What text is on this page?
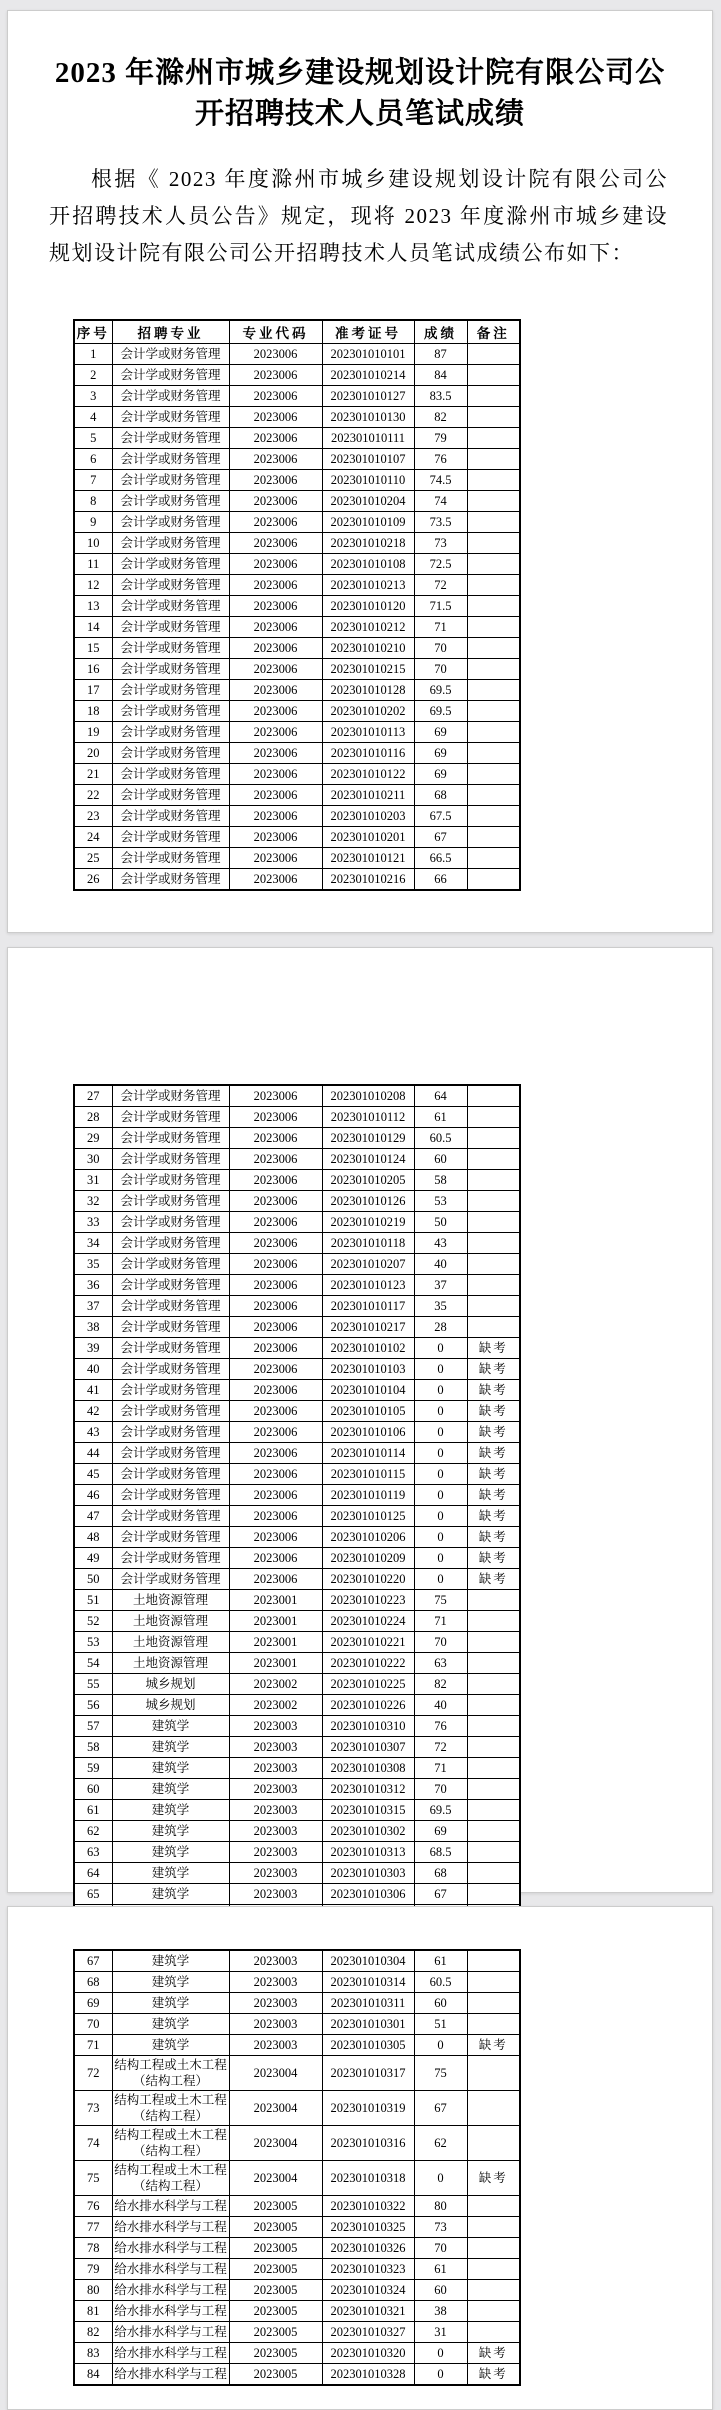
2023 年滁州市城乡建设规划设计院有限公司公开招聘技术人员笔试成绩
根据《 2023 年度滁州市城乡建设规划设计院有限公司公开招聘技术人员公告》规定，现将 2023 年度滁州市城乡建设规划设计院有限公司公开招聘技术人员笔试成绩公布如下：
序号	招聘专业	专业代码	准考证号	成绩	备注
1	会计学或财务管理	2023006	202301010101	87	
2	会计学或财务管理	2023006	202301010214	84	
3	会计学或财务管理	2023006	202301010127	83.5	
4	会计学或财务管理	2023006	202301010130	82	
5	会计学或财务管理	2023006	202301010111	79	
6	会计学或财务管理	2023006	202301010107	76	
7	会计学或财务管理	2023006	202301010110	74.5	
8	会计学或财务管理	2023006	202301010204	74	
9	会计学或财务管理	2023006	202301010109	73.5	
10	会计学或财务管理	2023006	202301010218	73	
11	会计学或财务管理	2023006	202301010108	72.5	
12	会计学或财务管理	2023006	202301010213	72	
13	会计学或财务管理	2023006	202301010120	71.5	
14	会计学或财务管理	2023006	202301010212	71	
15	会计学或财务管理	2023006	202301010210	70	
16	会计学或财务管理	2023006	202301010215	70	
17	会计学或财务管理	2023006	202301010128	69.5	
18	会计学或财务管理	2023006	202301010202	69.5	
19	会计学或财务管理	2023006	202301010113	69	
20	会计学或财务管理	2023006	202301010116	69	
21	会计学或财务管理	2023006	202301010122	69	
22	会计学或财务管理	2023006	202301010211	68	
23	会计学或财务管理	2023006	202301010203	67.5	
24	会计学或财务管理	2023006	202301010201	67	
25	会计学或财务管理	2023006	202301010121	66.5	
26	会计学或财务管理	2023006	202301010216	66	
27	会计学或财务管理	2023006	202301010208	64	
28	会计学或财务管理	2023006	202301010112	61	
29	会计学或财务管理	2023006	202301010129	60.5	
30	会计学或财务管理	2023006	202301010124	60	
31	会计学或财务管理	2023006	202301010205	58	
32	会计学或财务管理	2023006	202301010126	53	
33	会计学或财务管理	2023006	202301010219	50	
34	会计学或财务管理	2023006	202301010118	43	
35	会计学或财务管理	2023006	202301010207	40	
36	会计学或财务管理	2023006	202301010123	37	
37	会计学或财务管理	2023006	202301010117	35	
38	会计学或财务管理	2023006	202301010217	28	
39	会计学或财务管理	2023006	202301010102	0	缺考
40	会计学或财务管理	2023006	202301010103	0	缺考
41	会计学或财务管理	2023006	202301010104	0	缺考
42	会计学或财务管理	2023006	202301010105	0	缺考
43	会计学或财务管理	2023006	202301010106	0	缺考
44	会计学或财务管理	2023006	202301010114	0	缺考
45	会计学或财务管理	2023006	202301010115	0	缺考
46	会计学或财务管理	2023006	202301010119	0	缺考
47	会计学或财务管理	2023006	202301010125	0	缺考
48	会计学或财务管理	2023006	202301010206	0	缺考
49	会计学或财务管理	2023006	202301010209	0	缺考
50	会计学或财务管理	2023006	202301010220	0	缺考
51	土地资源管理	2023001	202301010223	75	
52	土地资源管理	2023001	202301010224	71	
53	土地资源管理	2023001	202301010221	70	
54	土地资源管理	2023001	202301010222	63	
55	城乡规划	2023002	202301010225	82	
56	城乡规划	2023002	202301010226	40	
57	建筑学	2023003	202301010310	76	
58	建筑学	2023003	202301010307	72	
59	建筑学	2023003	202301010308	71	
60	建筑学	2023003	202301010312	70	
61	建筑学	2023003	202301010315	69.5	
62	建筑学	2023003	202301010302	69	
63	建筑学	2023003	202301010313	68.5	
64	建筑学	2023003	202301010303	68	
65	建筑学	2023003	202301010306	67	

67	建筑学	2023003	202301010304	61	
68	建筑学	2023003	202301010314	60.5	
69	建筑学	2023003	202301010311	60	
70	建筑学	2023003	202301010301	51	
71	建筑学	2023003	202301010305	0	缺考
72	结构工程或土木工程（结构工程）	2023004	202301010317	75	
73	结构工程或土木工程（结构工程）	2023004	202301010319	67	
74	结构工程或土木工程（结构工程）	2023004	202301010316	62	
75	结构工程或土木工程（结构工程）	2023004	202301010318	0	缺考
76	给水排水科学与工程	2023005	202301010322	80	
77	给水排水科学与工程	2023005	202301010325	73	
78	给水排水科学与工程	2023005	202301010326	70	
79	给水排水科学与工程	2023005	202301010323	61	
80	给水排水科学与工程	2023005	202301010324	60	
81	给水排水科学与工程	2023005	202301010321	38	
82	给水排水科学与工程	2023005	202301010327	31	
83	给水排水科学与工程	2023005	202301010320	0	缺考
84	给水排水科学与工程	2023005	202301010328	0	缺考
